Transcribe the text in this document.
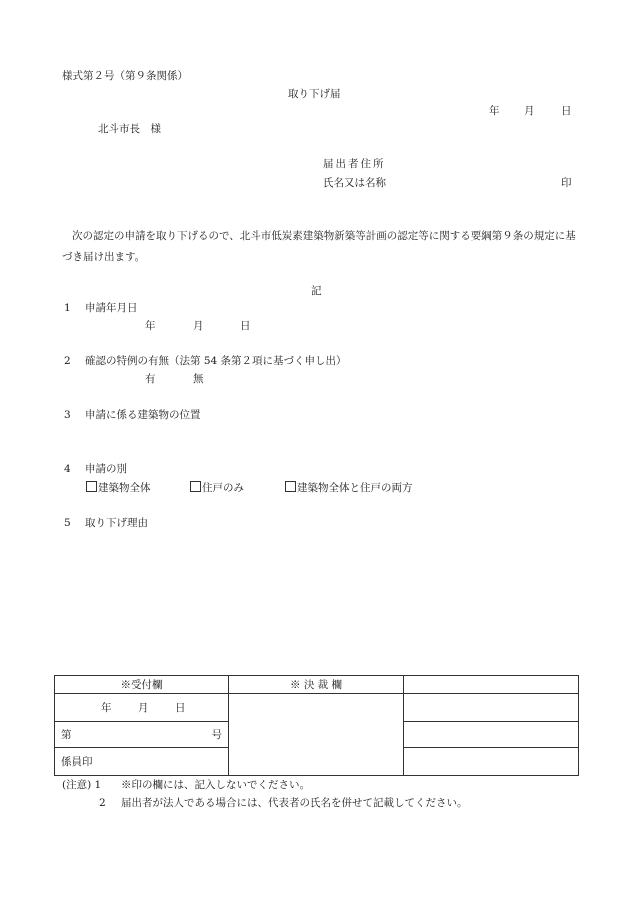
様式第２号（第９条関係）
取り下げ届
年 月	日
北斗市長　様
届出者住所
氏名又は名称	印
次の認定の申請を取り下げるので、北斗市低炭素建築物新築等計画の認定等に関する要綱第９条の規定に基づき届け出ます。
記
1 申請年月日
年	月	日
2 確認の特例の有無（法第 54 条第２項に基づく申し出）
有	無
3 申請に係る建築物の位置
4 申請の別
建築物全体	住戸のみ	建築物全体と住戸の両方
5 取り下げ理由
※受付欄	※ 決 裁 欄	

年 月 日		

第 号		

係員印		
(注意) 1 ※印の欄には、記入しないでください。
2 届出者が法人である場合には、代表者の氏名を併せて記載してください。
